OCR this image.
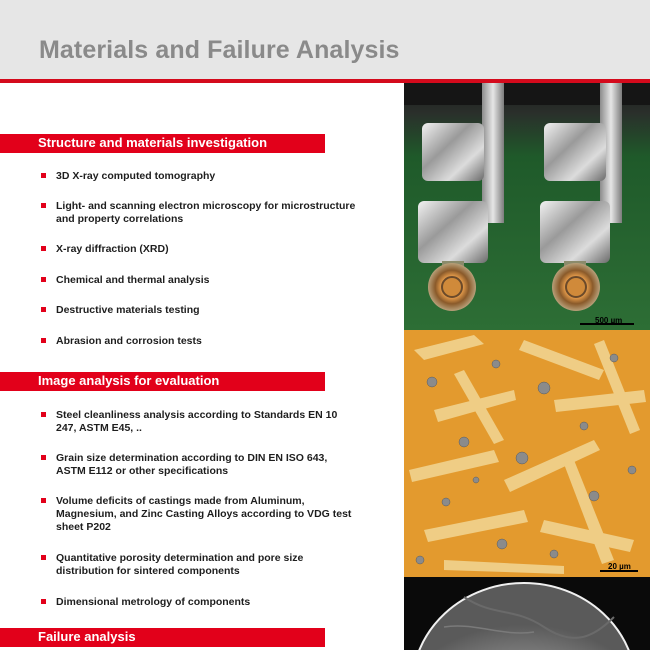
Materials and Failure Analysis
Structure and materials investigation
3D X-ray computed tomography
Light- and scanning electron microscopy for microstructure and property correlations
X-ray diffraction (XRD)
Chemical and thermal analysis
Destructive materials testing
Abrasion and corrosion tests
Image analysis for evaluation
Steel cleanliness analysis according to Standards EN 10 247, ASTM E45, ..
Grain size determination according to DIN EN ISO 643, ASTM E112 or other specifications
Volume deficits of castings made from Aluminum, Magnesium, and Zinc Casting Alloys according to VDG test sheet P202
Quantitative porosity determination and pore size distribution for sintered components
Dimensional metrology of components
Failure analysis
500 µm
20 µm
